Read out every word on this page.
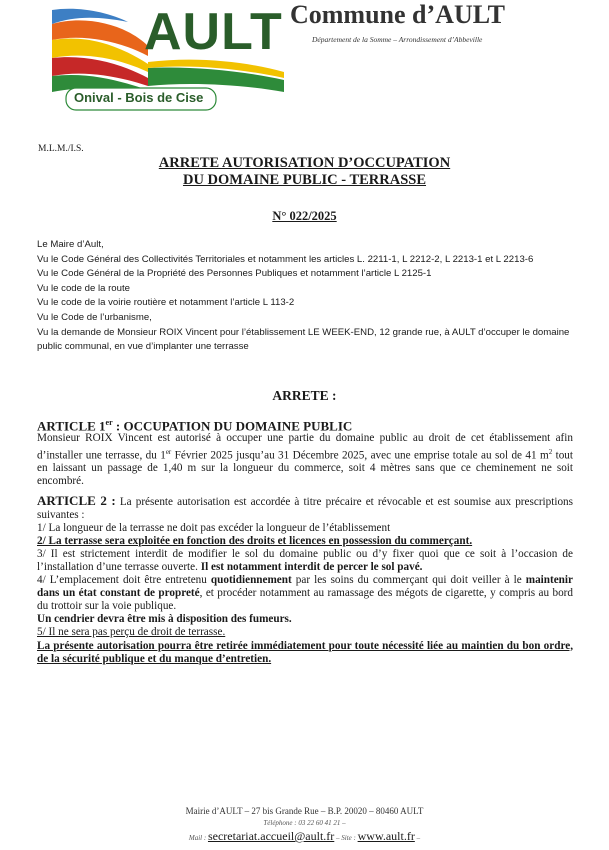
AULT
Onival - Bois de Cise
Commune d’AULT
Département de la Somme – Arrondissement d’Abbeville
M.L.M./I.S.
ARRETE AUTORISATION D’OCCUPATION
DU DOMAINE PUBLIC - TERRASSE
N° 022/2025
Le Maire d’Ault,
Vu le Code Général des Collectivités Territoriales et notamment les articles L. 2211-1, L 2212-2, L 2213-1 et L 2213-6
Vu le Code Général de la Propriété des Personnes Publiques et notamment l’article L 2125-1
Vu le code de la route
Vu le code de la voirie routière et notamment l’article L 113-2
Vu le Code de l’urbanisme,
Vu la demande de Monsieur ROIX Vincent pour l’établissement LE WEEK-END, 12 grande rue, à AULT d’occuper le domaine public communal, en vue d’implanter une terrasse
ARRETE :

ARTICLE 1er : OCCUPATION DU DOMAINE PUBLIC

Monsieur ROIX Vincent est autorisé à occuper une partie du domaine public au droit de cet établissement afin d’installer une terrasse, du 1er Février 2025 jusqu’au 31 Décembre 2025, avec une emprise totale au sol de 41 $m^2$ tout en laissant un passage de 1,40 m sur la longueur du commerce, soit 4 mètres sans que ce cheminement ne soit encombré.

ARTICLE 2 : La présente autorisation est accordée à titre précaire et révocable et est soumise aux prescriptions suivantes :

1/ La longueur de la terrasse ne doit pas excéder la longueur de l’établissement

2/ La terrasse sera exploitée en fonction des droits et licences en possession du commerçant.

3/ Il est strictement interdit de modifier le sol du domaine public ou d’y fixer quoi que ce soit à l’occasion de l’installation d’une terrasse ouverte. Il est notamment interdit de percer le sol pavé.

4/ L’emplacement doit être entretenu quotidiennement par les soins du commerçant qui doit veiller à le maintenir dans un état constant de propreté, et procéder notamment au ramassage des mégots de cigarette, y compris au bord du trottoir sur la voie publique.

Un cendrier devra être mis à disposition des fumeurs.

5/ Il ne sera pas perçu de droit de terrasse.

La présente autorisation pourra être retirée immédiatement pour toute nécessité liée au maintien du bon ordre, de la sécurité publique et du manque d’entretien.

Mairie d’AULT – 27 bis Grande Rue – B.P. 20020 – 80460 AULT
Téléphone : 03 22 60 41 21 –
Mail : secretariat.accueil@ault.fr – Site : www.ault.fr –
